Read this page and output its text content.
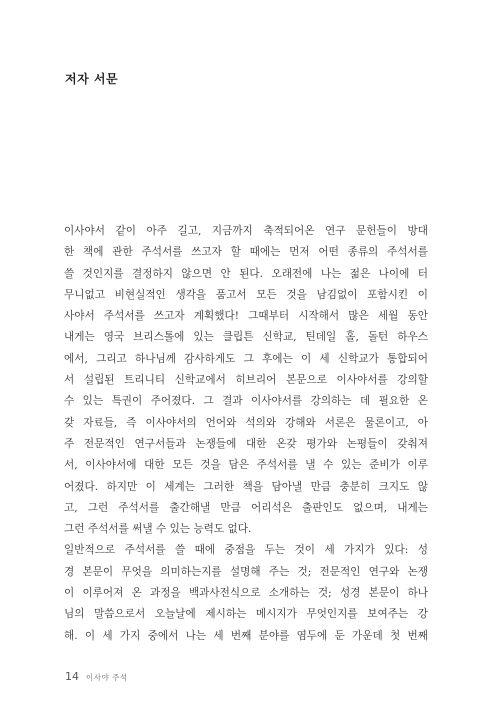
저자 서문
이사야서 같이 아주 길고, 지금까지 축적되어온 연구 문헌들이 방대
한 책에 관한 주석서를 쓰고자 할 때에는 먼저 어떤 종류의 주석서를
쓸 것인지를 결정하지 않으면 안 된다. 오래전에 나는 젊은 나이에 터
무니없고 비현실적인 생각을 품고서 모든 것을 남김없이 포함시킨 이
사야서 주석서를 쓰고자 계획했다! 그때부터 시작해서 많은 세월 동안
내게는 영국 브리스톨에 있는 클립튼 신학교, 틴데일 홀, 돌턴 하우스
에서, 그리고 하나님께 감사하게도 그 후에는 이 세 신학교가 통합되어
서 설립된 트리니티 신학교에서 히브리어 본문으로 이사야서를 강의할
수 있는 특권이 주어졌다. 그 결과 이사야서를 강의하는 데 필요한 온
갖 자료들, 즉 이사야서의 언어와 석의와 강해와 서론은 물론이고, 아
주 전문적인 연구서들과 논쟁들에 대한 온갖 평가와 논평들이 갖춰져
서, 이사야서에 대한 모든 것을 담은 주석서를 낼 수 있는 준비가 이루
어졌다. 하지만 이 세계는 그러한 책을 담아낼 만큼 충분히 크지도 않
고, 그런 주석서를 출간해낼 만큼 어리석은 출판인도 없으며, 내게는
그런 주석서를 써낼 수 있는 능력도 없다.
일반적으로 주석서를 쓸 때에 중점을 두는 것이 세 가지가 있다: 성
경 본문이 무엇을 의미하는지를 설명해 주는 것; 전문적인 연구와 논쟁
이 이루어져 온 과정을 백과사전식으로 소개하는 것; 성경 본문이 하나
님의 말씀으로서 오늘날에 제시하는 메시지가 무엇인지를 보여주는 강
해. 이 세 가지 중에서 나는 세 번째 분야를 염두에 둔 가운데 첫 번째
14 이사야 주석
